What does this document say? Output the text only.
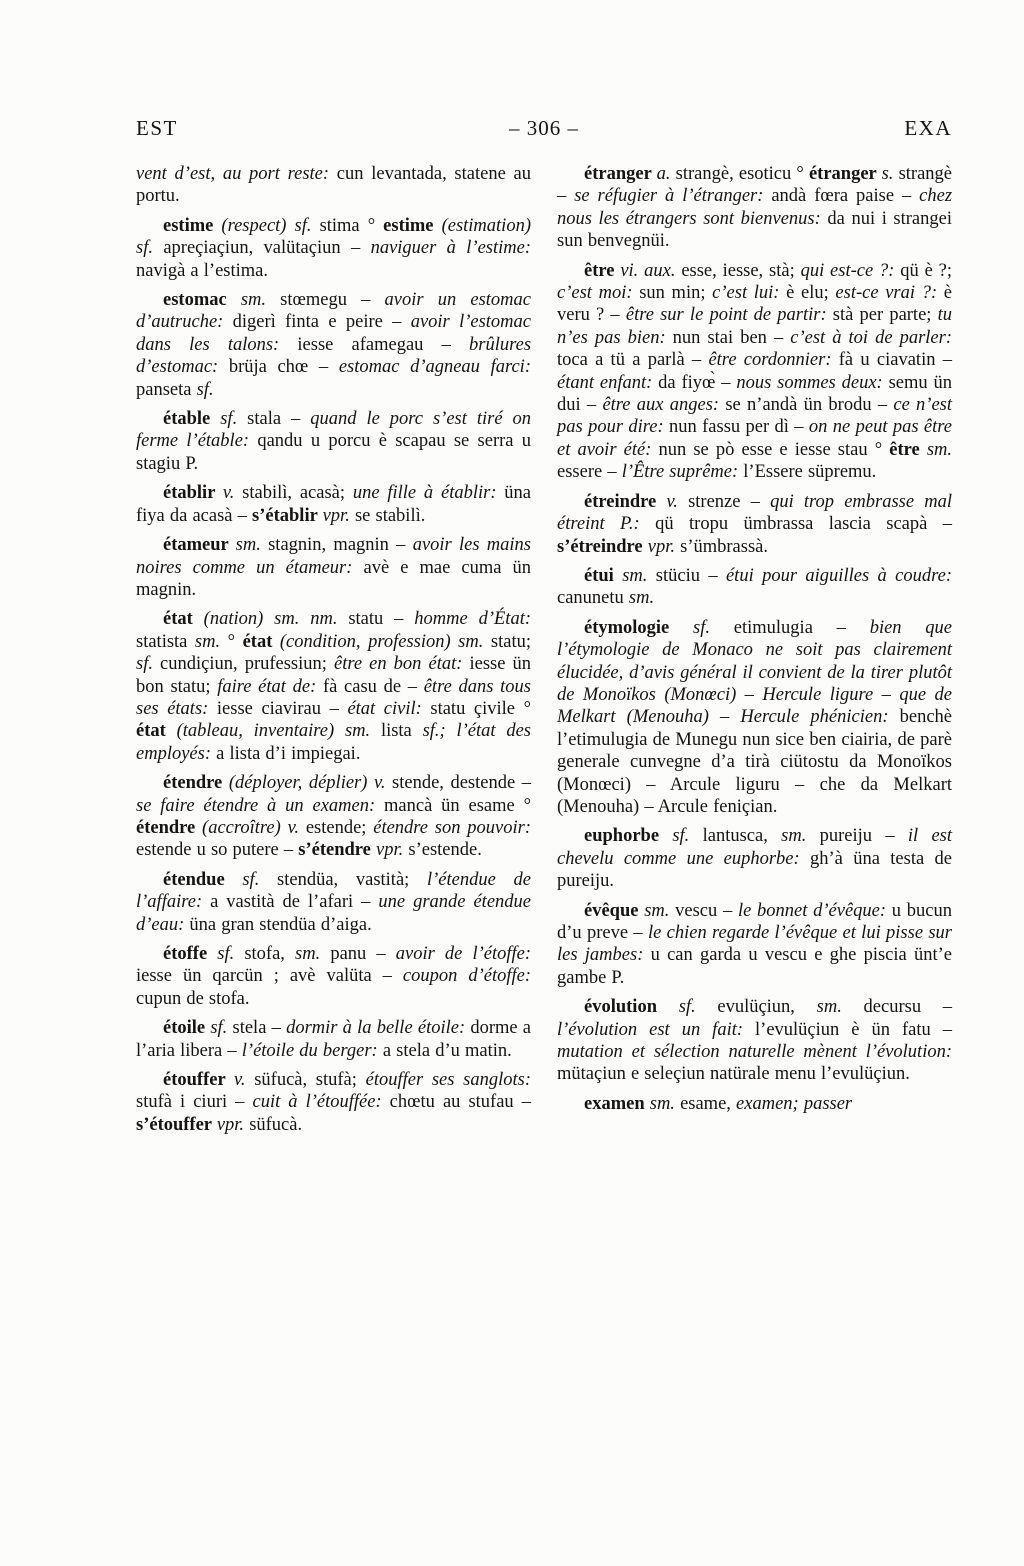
EST	– 306 –	EXA

vent d’est, au port reste: cun levantada, statene au portu.

estime (respect) sf. stima ° estime (estimation) sf. apreçiaçiun, valütaçiun – naviguer à l’estime: navigà a l’estima.

estomac sm. stœmegu – avoir un estomac d’autruche: digerì finta e peire – avoir l’estomac dans les talons: iesse afamegau – brûlures d’estomac: brüja chœ – estomac d’agneau farci: panseta sf.

étable sf. stala – quand le porc s’est tiré on ferme l’étable: qandu u porcu è scapau se serra u stagiu P.

établir v. stabilì, acasà; une fille à établir: üna fiya da acasà – s’établir vpr. se stabilì.

étameur sm. stagnin, magnin – avoir les mains noires comme un étameur: avè e mae cuma ün magnin.

état (nation) sm. nm. statu – homme d’État: statista sm. ° état (condition, profession) sm. statu; sf. cundiçiun, prufessiun; être en bon état: iesse ün bon statu; faire état de: fà casu de – être dans tous ses états: iesse ciavirau – état civil: statu çivile ° état (tableau, inventaire) sm. lista sf.; l’état des employés: a lista d’i impiegai.

étendre (déployer, déplier) v. stende, destende – se faire étendre à un examen: mancà ün esame ° étendre (accroître) v. estende; étendre son pouvoir: estende u so putere – s’étendre vpr. s’estende.

étendue sf. stendüa, vastità; l’étendue de l’affaire: a vastità de l’afari – une grande étendue d’eau: üna gran stendüa d’aiga.

étoffe sf. stofa, sm. panu – avoir de l’étoffe: iesse ün qarcün ; avè valüta – coupon d’étoffe: cupun de stofa.

étoile sf. stela – dormir à la belle étoile: dorme a l’aria libera – l’étoile du berger: a stela d’u matin.

étouffer v. süfucà, stufà; étouffer ses sanglots: stufà i ciuri – cuit à l’étouffée: chœtu au stufau – s’étouffer vpr. süfucà.

étranger a. strangè, esoticu ° étranger s. strangè – se réfugier à l’étranger: andà fœra paise – chez nous les étrangers sont bienvenus: da nui i strangei sun benvegnüi.

être vi. aux. esse, iesse, stà; qui est-ce ?: qü è ?; c’est moi: sun min; c’est lui: è elu; est-ce vrai ?: è veru ? – être sur le point de partir: stà per parte; tu n’es pas bien: nun stai ben – c’est à toi de parler: toca a tü a parlà – être cordonnier: fà u ciavatin – étant enfant: da fiyœ̀ – nous sommes deux: semu ün dui – être aux anges: se n’andà ün brodu – ce n’est pas pour dire: nun fassu per dì – on ne peut pas être et avoir été: nun se pò esse e iesse stau ° être sm. essere – l’Être suprême: l’Essere süpremu.

étreindre v. strenze – qui trop embrasse mal étreint P.: qü tropu ümbrassa lascia scapà – s’étreindre vpr. s’ümbrassà.

étui sm. stüciu – étui pour aiguilles à coudre: canunetu sm.

étymologie sf. etimulugia – bien que l’étymologie de Monaco ne soit pas clairement élucidée, d’avis général il convient de la tirer plutôt de Monoïkos (Monœci) – Hercule ligure – que de Melkart (Menouha) – Hercule phénicien: benchè l’etimulugia de Munegu nun sice ben ciairia, de parè generale cunvegne d’a tirà ciütostu da Monoïkos (Monœci) – Arcule liguru – che da Melkart (Menouha) – Arcule feniçian.

euphorbe sf. lantusca, sm. pureiju – il est chevelu comme une euphorbe: gh’à üna testa de pureiju.

évêque sm. vescu – le bonnet d’évêque: u bucun d’u preve – le chien regarde l’évêque et lui pisse sur les jambes: u can garda u vescu e ghe piscia ünt’e gambe P.

évolution sf. evulüçiun, sm. decursu – l’évolution est un fait: l’evulüçiun è ün fatu – mutation et sélection naturelle mènent l’évolution: mütaçiun e seleçiun natürale menu l’evulüçiun.

examen sm. esame, examen; passer
